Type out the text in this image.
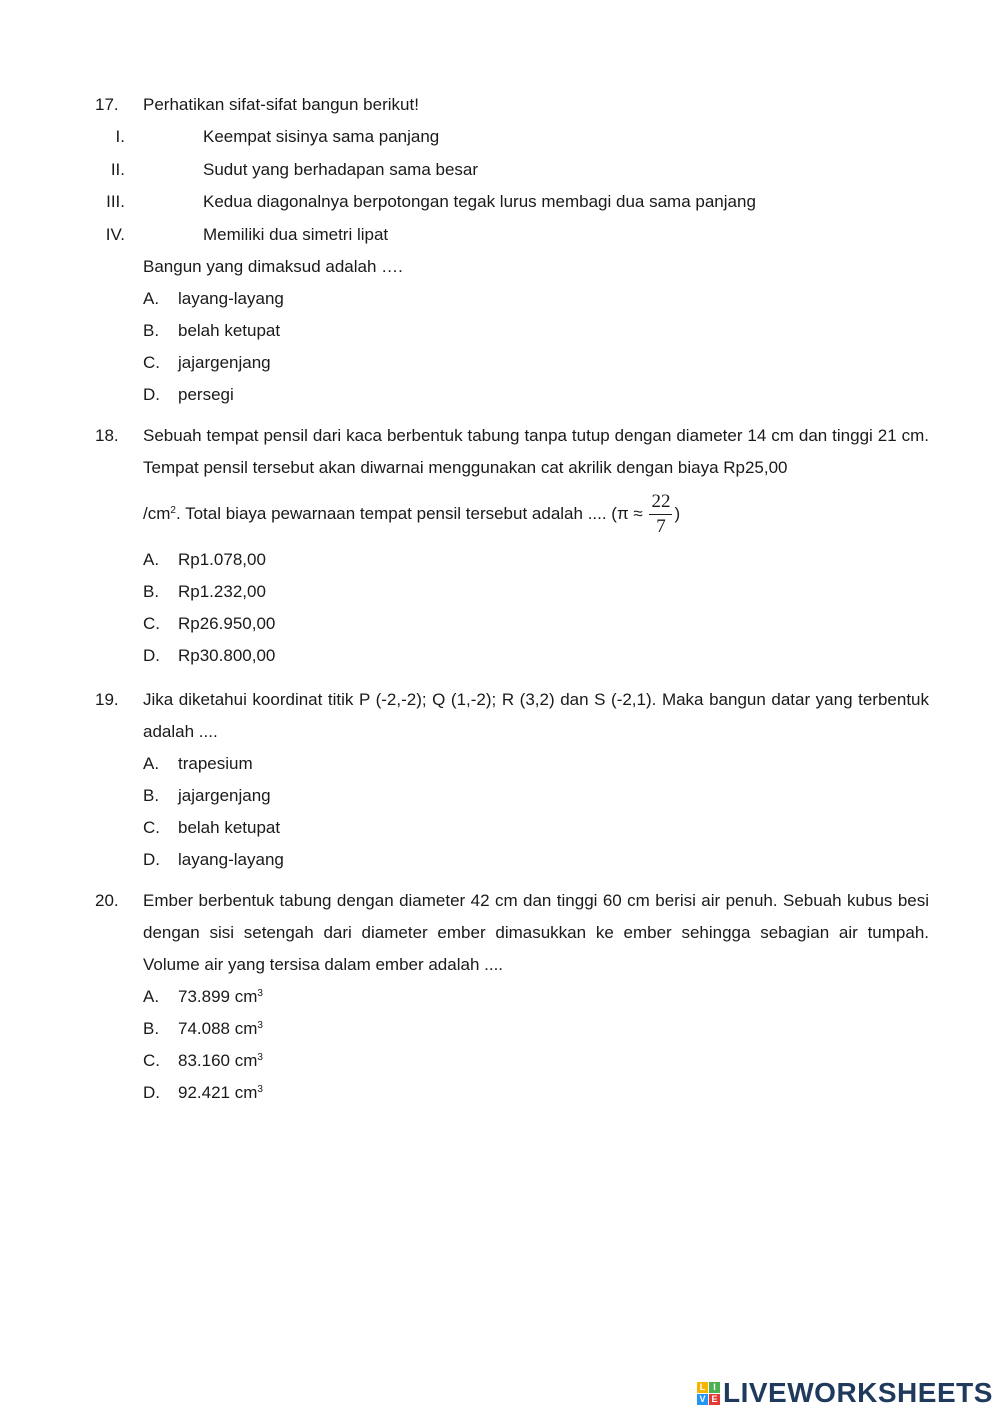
17. Perhatikan sifat-sifat bangun berikut!
I.	Keempat sisinya sama panjang
II.	Sudut yang berhadapan sama besar
III.	Kedua diagonalnya berpotongan tegak lurus membagi dua sama panjang
IV.	Memiliki dua simetri lipat
Bangun yang dimaksud adalah ….
A. layang-layang
B. belah ketupat
C. jajargenjang
D. persegi
18. Sebuah tempat pensil dari kaca berbentuk tabung tanpa tutup dengan diameter 14 cm dan tinggi 21 cm. Tempat pensil tersebut akan diwarnai menggunakan cat akrilik dengan biaya Rp25,00
$/cm^2$. Total biaya pewarnaan tempat pensil tersebut adalah .... ($\pi \approx \frac{22}{7}$ )
A. Rp1.078,00
B. Rp1.232,00
C. Rp26.950,00
D. Rp30.800,00
19. Jika diketahui koordinat titik P (-2,-2); Q (1,-2); R (3,2) dan S (-2,1). Maka bangun datar yang terbentuk adalah ....
A. trapesium
B. jajargenjang
C. belah ketupat
D. layang-layang
20. Ember berbentuk tabung dengan diameter 42 cm dan tinggi 60 cm berisi air penuh. Sebuah kubus besi dengan sisi setengah dari diameter ember dimasukkan ke ember sehingga sebagian air tumpah. Volume air yang tersisa dalam ember adalah ....
A. 73.899 $cm^3$
B. 74.088 $cm^3$
C. 83.160 $cm^3$
D. 92.421 $cm^3$
L I
V E LIVEWORKSHEETS
